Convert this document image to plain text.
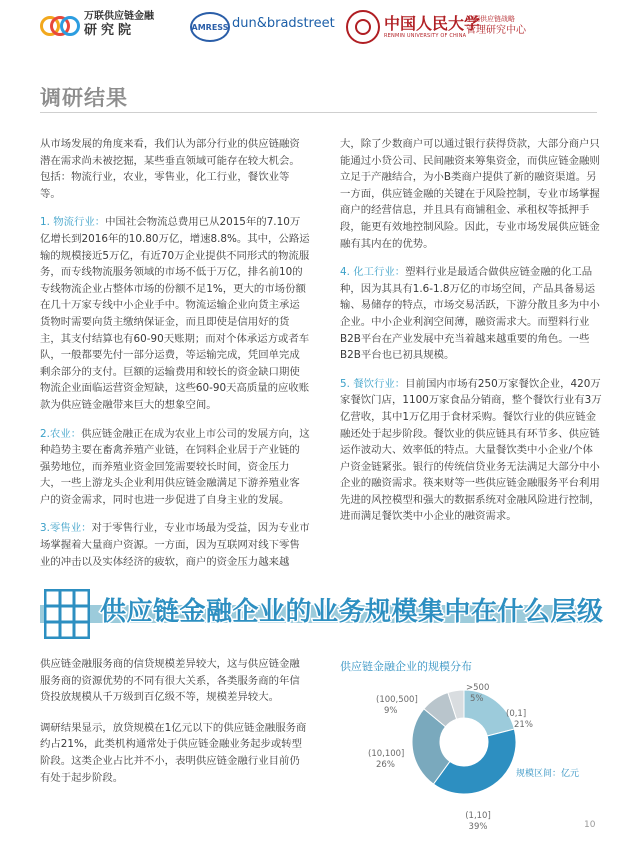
万联供应链金融
研究院	AMRESS dun&bradstreet	中国人民大学
RENMIN UNIVERSITY OF CHINA
中国供应链战略
管理研究中心
调研结果

从市场发展的角度来看，我们认为部分行业的供应链融资潜在需求尚未被挖掘，某些垂直领域可能存在较大机会。包括：物流行业，农业，零售业，化工行业，餐饮业等等。

1. 物流行业：中国社会物流总费用已从2015年的7.10万亿增长到2016年的10.80万亿，增速8.8%。其中，公路运输的规模接近5万亿，有近70万企业提供不同形式的物流服务，而专线物流服务领域的市场不低于万亿，排名前10的专线物流企业占整体市场的份额不足1%，更大的市场份额在几十万家专线中小企业手中。物流运输企业向货主承运货物时需要向货主缴纳保证金，而且即使是信用好的货主，其支付结算也有60-90天账期；而对个体承运方或者车队，一般都要先付一部分运费，等运输完成，凭回单完成剩余部分的支付。巨额的运输费用和较长的资金缺口期使物流企业面临运营资金短缺，这些60-90天高质量的应收账款为供应链金融带来巨大的想象空间。

2.农业：供应链金融正在成为农业上市公司的发展方向，这种趋势主要在畜禽养殖产业链，在饲料企业居于产业链的强势地位，而养殖业资金回笼需要较长时间，资金压力大，一些上游龙头企业利用供应链金融满足下游养殖业客户的资金需求，同时也进一步促进了自身主业的发展。

3.零售业：对于零售行业，专业市场最为受益，因为专业市场掌握着大量商户资源。一方面，因为互联网对线下零售业的冲击以及实体经济的疲软，商户的资金压力越来越

大，除了少数商户可以通过银行获得贷款，大部分商户只能通过小贷公司、民间融资来筹集资金，而供应链金融则立足于产融结合，为小B类商户提供了新的融资渠道。另一方面，供应链金融的关键在于风险控制，专业市场掌握商户的经营信息，并且具有商铺租金、承租权等抵押手段，能更有效地控制风险。因此，专业市场发展供应链金融有其内在的优势。

4. 化工行业：塑料行业是最适合做供应链金融的化工品种，因为其具有1.6-1.8万亿的市场空间，产品具备易运输、易储存的特点，市场交易活跃，下游分散且多为中小企业。中小企业利润空间薄，融资需求大。而塑料行业B2B平台在产业发展中充当着越来越重要的角色。一些B2B平台也已初具规模。

5. 餐饮行业：目前国内市场有250万家餐饮企业，420万家餐饮门店，1100万家食品分销商，整个餐饮行业有3万亿营收，其中1万亿用于食材采购。餐饮行业的供应链金融还处于起步阶段。餐饮业的供应链具有环节多、供应链运作波动大、效率低的特点。大量餐饮类中小企业/个体户资金链紧张。银行的传统信贷业务无法满足大部分中小企业的融资需求。筷来财等一些供应链金融服务平台利用先进的风控模型和强大的数据系统对金融风险进行控制，进而满足餐饮类中小企业的融资需求。

供应链金融企业的业务规模集中在什么层级

供应链金融服务商的信贷规模差异较大，这与供应链金融服务商的资源优势的不同有很大关系，各类服务商的年信贷投放规模从千万级到百亿级不等，规模差异较大。

调研结果显示，放贷规模在1亿元以下的供应链金融服务商约占21%，此类机构通常处于供应链金融业务起步或转型阶段。这类企业占比并不小，表明供应链金融行业目前仍有处于起步阶段。

供应链金融企业的规模分布
(0,1]
21%
(1,10]
39%
(10,100]
26%
(100,500]
9%
>500
5%
规模区间：亿元
10
